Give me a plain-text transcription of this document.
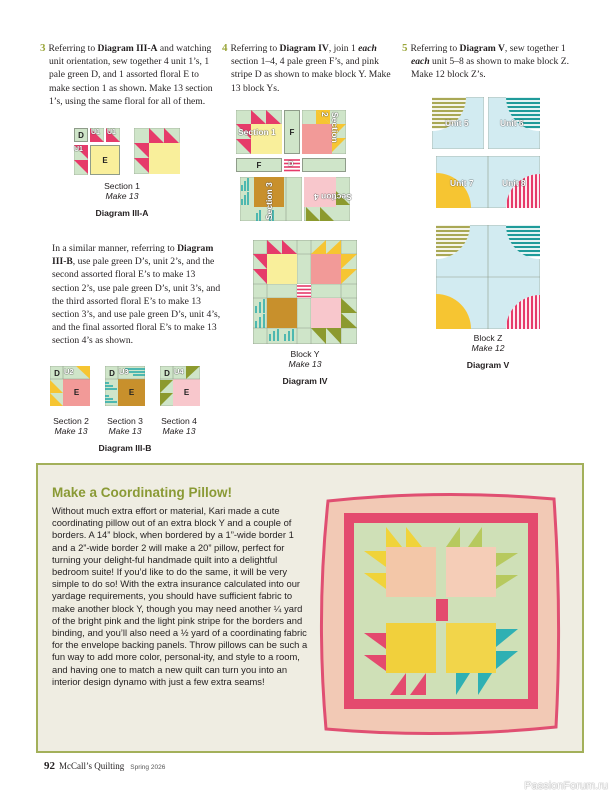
3 Referring to Diagram III-A and watching unit orientation, sew together 4 unit 1’s, 1 pale green D, and 1 assorted floral E to make section 1 as shown. Make 13 section 1’s, using the same floral for all of them.
D	U1 U1
U1
E
Section 1
Make 13
Diagram III-A
In a similar manner, referring to Diagram III-B, use pale green D’s, unit 2’s, and the second assorted floral E’s to make 13 section 2’s, use pale green D’s, unit 3’s, and the third assorted floral E’s to make 13 section 3’s, and use pale green D’s, unit 4’s, and the final assorted floral E’s to make 13 section 4’s as shown.
D U2
E
D U3
E
D U4
E
Section 2
Make 13
Section 3
Make 13
Section 4
Make 13
Diagram III-B
4 Referring to Diagram IV, join 1 each section 1–4, 4 pale green F’s, and pink stripe D as shown to make block Y. Make 13 block Ys.
Section 1	F	Section 2
F	D
Section 3	Section 4
Block Y
Make 13
Diagram IV
5 Referring to Diagram V, sew together 1 each unit 5–8 as shown to make block Z. Make 12 block Z’s.
Unit 5	Unit 6
Unit 7	Unit 8
Block Z
Make 12
Diagram V
Make a Coordinating Pillow!

Without much extra effort or material, Kari made a cute coordinating pillow out of an extra block Y and a couple of borders. A 14” block, when bordered by a 1”-wide border 1 and a 2”-wide border 2 will make a 20” pillow, perfect for turning your delight-ful handmade quilt into a delightful bedroom suite! If you’d like to do the same, it will be very simple to do so! With the extra insurance calculated into our yardage requirements, you should have sufficient fabric to make another block Y, though you may need another ¼ yard of the bright pink and the light pink stripe for the borders and binding, and you’ll also need a ½ yard of a coordinating fabric for the envelope backing panels. Throw pillows can be such a fun way to add more color, personal-ity, and style to a room, and having one to match a new quilt can turn you into an interior design dynamo with just a few extra seams!

92 McCall’s Quilting Spring 2026
PassionForum.ru
